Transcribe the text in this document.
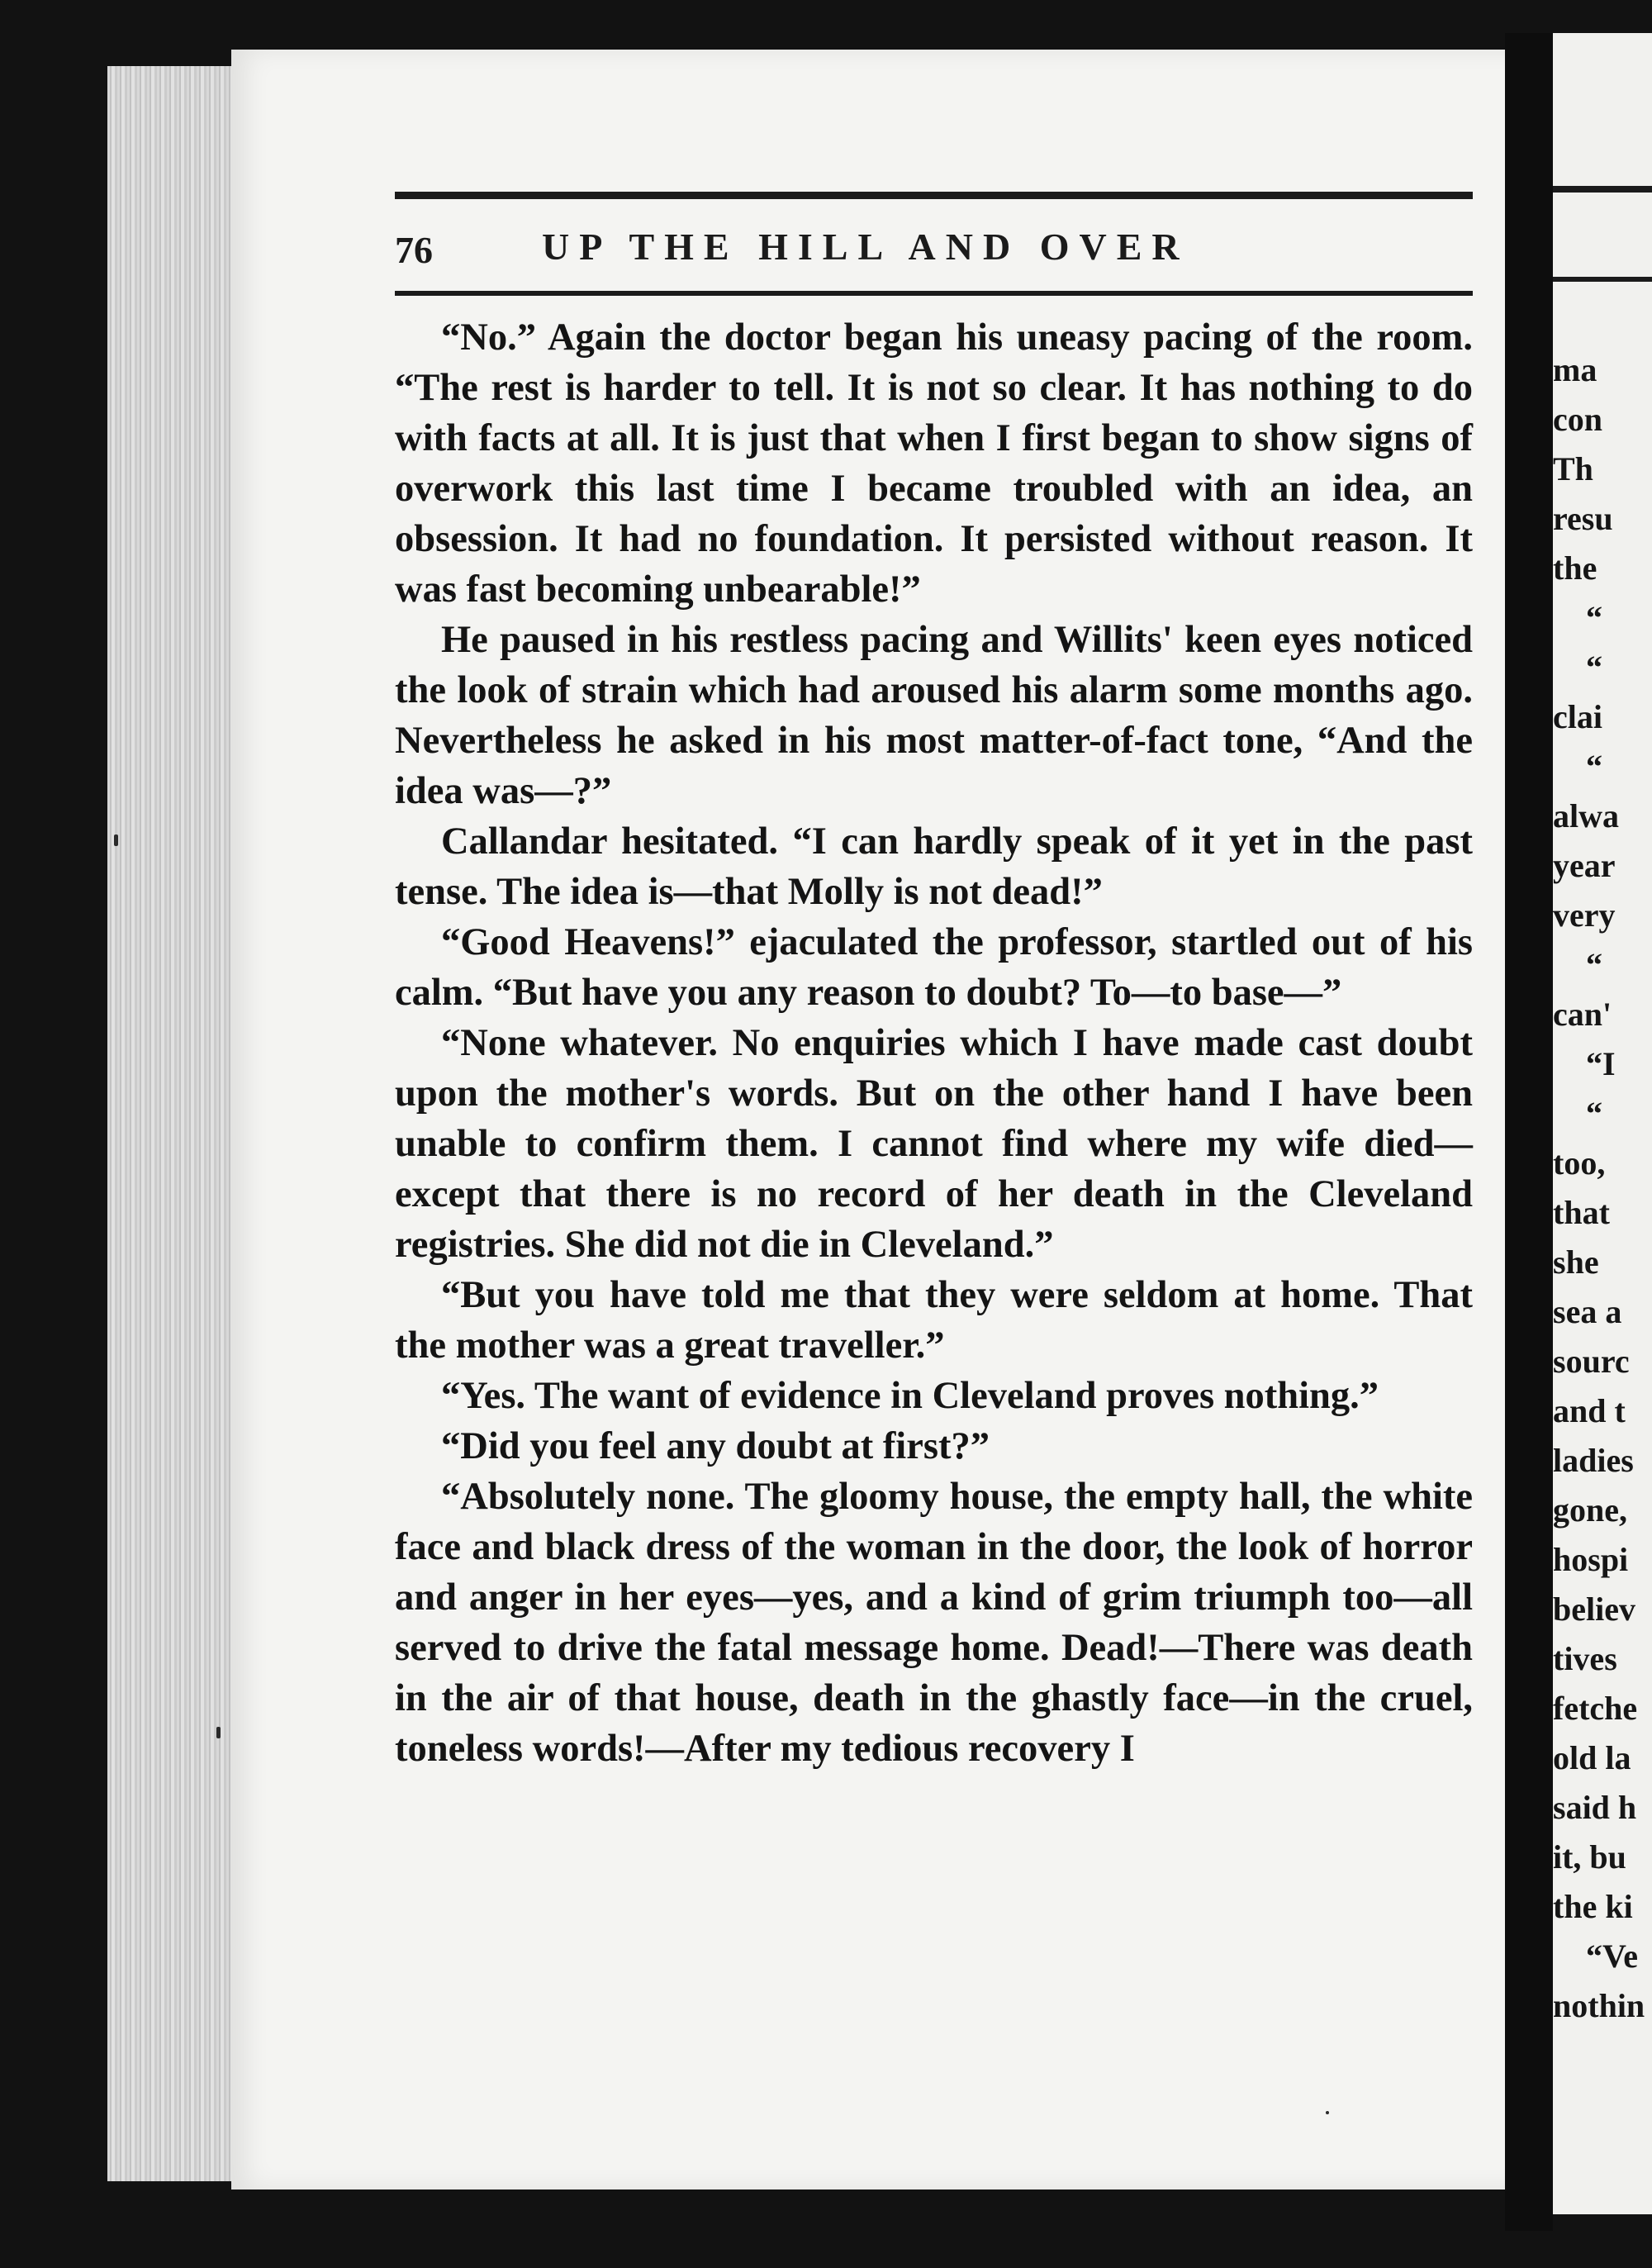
76	UP THE HILL AND OVER

“No.” Again the doctor began his uneasy pacing of the room. “The rest is harder to tell. It is not so clear. It has nothing to do with facts at all. It is just that when I first began to show signs of overwork this last time I became troubled with an idea, an obsession. It had no foundation. It persisted without reason. It was fast becoming unbearable!”

He paused in his restless pacing and Willits' keen eyes noticed the look of strain which had aroused his alarm some months ago. Nevertheless he asked in his most matter-of-fact tone, “And the idea was—?”

Callandar hesitated. “I can hardly speak of it yet in the past tense. The idea is—that Molly is not dead!”

“Good Heavens!” ejaculated the professor, startled out of his calm. “But have you any reason to doubt? To—to base—”

“None whatever. No enquiries which I have made cast doubt upon the mother's words. But on the other hand I have been unable to confirm them. I cannot find where my wife died—except that there is no record of her death in the Cleveland registries. She did not die in Cleveland.”

“But you have told me that they were seldom at home. That the mother was a great traveller.”

“Yes. The want of evidence in Cleveland proves nothing.”

“Did you feel any doubt at first?”

“Absolutely none. The gloomy house, the empty hall, the white face and black dress of the woman in the door, the look of horror and anger in her eyes—yes, and a kind of grim triumph too—all served to drive the fatal message home. Dead!—There was death in the air of that house, death in the ghastly face—in the cruel, toneless words!—After my tedious recovery I

ma
con
Th
resu
the
“
“
clai
“
alwa
year
very
“
can'
“I
“
too,
that
she
sea a
sourc
and t
ladies
gone,
hospi
believ
tives
fetche
old la
said h
it, bu
the ki
“Ve
nothin
